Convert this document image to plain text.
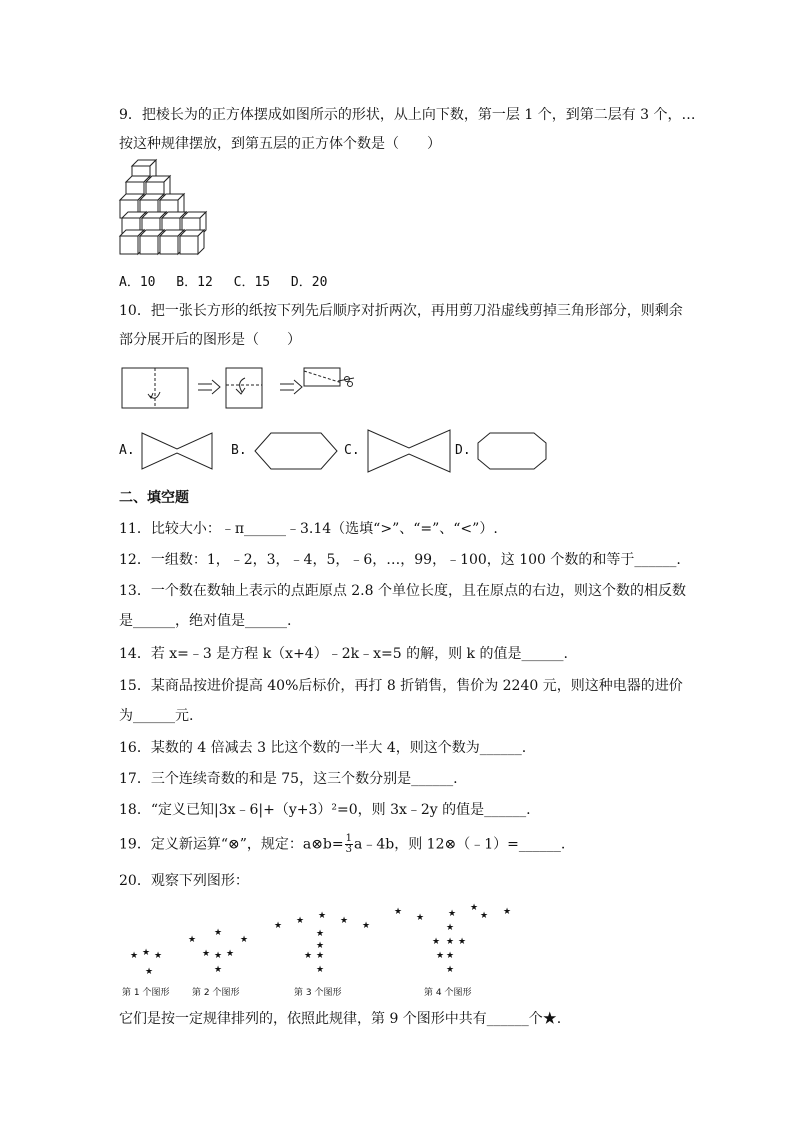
9．把棱长为的正方体摆成如图所示的形状，从上向下数，第一层 1 个，到第二层有 3 个，…
按这种规律摆放，到第五层的正方体个数是（　　）
A．10　 B．12　 C．15　 D．20
10．把一张长方形的纸按下列先后顺序对折两次，再用剪刀沿虚线剪掉三角形部分，则剩余
部分展开后的图形是（　　）
A.	B.	C.	D.
二、填空题
11．比较大小：﹣π______﹣3.14（选填“>”、“=”、“<”）.
12．一组数：1，﹣2，3，﹣4，5，﹣6，…，99，﹣100，这 100 个数的和等于______.
13．一个数在数轴上表示的点距原点 2.8 个单位长度，且在原点的右边，则这个数的相反数
是______，绝对值是______.
14．若 x=﹣3 是方程 k（x+4）﹣2k﹣x=5 的解，则 k 的值是______.
15．某商品按进价提高 40%后标价，再打 8 折销售，售价为 2240 元，则这种电器的进价
为______元.
16．某数的 4 倍减去 3 比这个数的一半大 4，则这个数为______.
17．三个连续奇数的和是 75，这三个数分别是______.
18．“定义已知|3x﹣6|+（y+3）²=0，则 3x﹣2y 的值是______.
19．定义新运算“⊗”，规定：a⊗b= $\frac{1}{3}$ a﹣4b，则 12⊗（﹣1）=______.
20．观察下列图形：
★ ★ ★
★
★
★
★
★ ★
★
★
★ ★ ★ ★ ★
★
★
★
★
★
★
★
★
★	★
★
★
★
★
★
★
★
★
第 1 个图形	第 2 个图形	第 3 个图形	第 4 个图形
它们是按一定规律排列的，依照此规律，第 9 个图形中共有______个★.
